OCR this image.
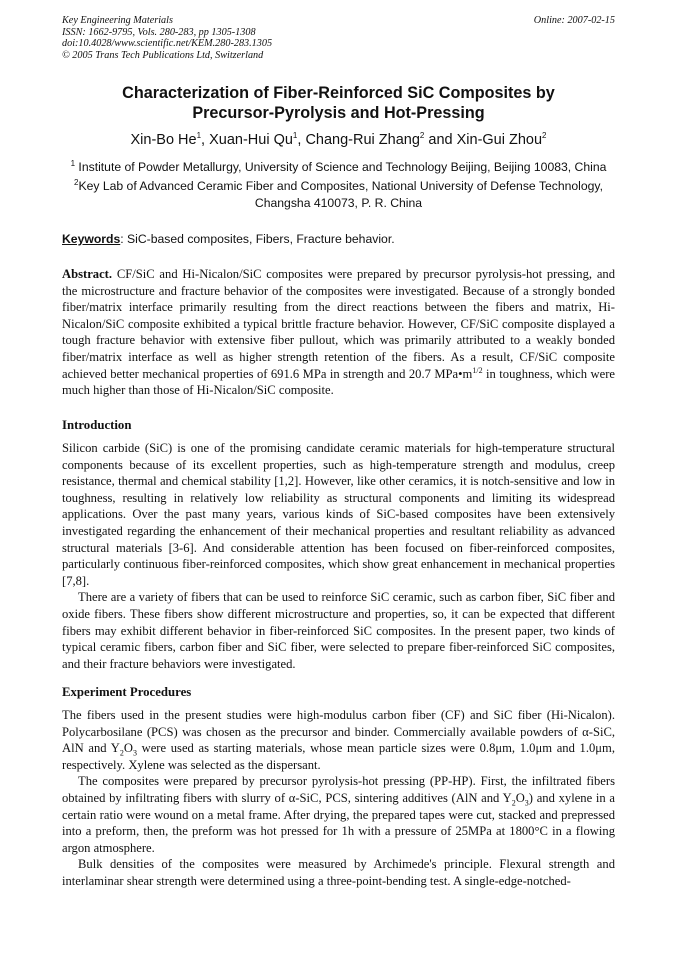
Key Engineering Materials
ISSN: 1662-9795, Vols. 280-283, pp 1305-1308
doi:10.4028/www.scientific.net/KEM.280-283.1305
© 2005 Trans Tech Publications Ltd, Switzerland
Online: 2007-02-15
Characterization of Fiber-Reinforced SiC Composites by
Precursor-Pyrolysis and Hot-Pressing
Xin-Bo He$^1$, Xuan-Hui Qu$^1$, Chang-Rui Zhang$^2$ and Xin-Gui Zhou$^2$
$^1$ Institute of Powder Metallurgy, University of Science and Technology Beijing, Beijing 10083, China
$^2$Key Lab of Advanced Ceramic Fiber and Composites, National University of Defense Technology,
Changsha 410073, P. R. China
Keywords: SiC-based composites, Fibers, Fracture behavior.

Abstract. CF/SiC and Hi-Nicalon/SiC composites were prepared by precursor pyrolysis-hot pressing, and the microstructure and fracture behavior of the composites were investigated. Because of a strongly bonded fiber/matrix interface primarily resulting from the direct reactions between the fibers and matrix, Hi-Nicalon/SiC composite exhibited a typical brittle fracture behavior. However, CF/SiC composite displayed a tough fracture behavior with extensive fiber pullout, which was primarily attributed to a weakly bonded fiber/matrix interface as well as higher strength retention of the fibers. As a result, CF/SiC composite achieved better mechanical properties of 691.6 MPa in strength and 20.7 $MPa•m^{1/2}$ in toughness, which were much higher than those of Hi-Nicalon/SiC composite.

Introduction

Silicon carbide (SiC) is one of the promising candidate ceramic materials for high-temperature structural components because of its excellent properties, such as high-temperature strength and modulus, creep resistance, thermal and chemical stability [1,2]. However, like other ceramics, it is notch-sensitive and low in toughness, resulting in relatively low reliability as structural components and limiting its widespread applications. Over the past many years, various kinds of SiC-based composites have been extensively investigated regarding the enhancement of their mechanical properties and resultant reliability as advanced structural materials [3-6]. And considerable attention has been focused on fiber-reinforced composites, particularly continuous fiber-reinforced composites, which show great enhancement in mechanical properties [7,8].

There are a variety of fibers that can be used to reinforce SiC ceramic, such as carbon fiber, SiC fiber and oxide fibers. These fibers show different microstructure and properties, so, it can be expected that different fibers may exhibit different behavior in fiber-reinforced SiC composites. In the present paper, two kinds of typical ceramic fibers, carbon fiber and SiC fiber, were selected to prepare fiber-reinforced SiC composites, and their fracture behaviors were investigated.

Experiment Procedures

The fibers used in the present studies were high-modulus carbon fiber (CF) and SiC fiber (Hi-Nicalon). Polycarbosilane (PCS) was chosen as the precursor and binder. Commercially available powders of α-SiC, AlN and $Y_2O_3$ were used as starting materials, whose mean particle sizes were 0.8μm, 1.0μm and 1.0μm, respectively. Xylene was selected as the dispersant.

The composites were prepared by precursor pyrolysis-hot pressing (PP-HP). First, the infiltrated fibers obtained by infiltrating fibers with slurry of α-SiC, PCS, sintering additives (AlN and $Y_2O_3$) and xylene in a certain ratio were wound on a metal frame. After drying, the prepared tapes were cut, stacked and prepressed into a preform, then, the preform was hot pressed for 1h with a pressure of 25MPa at 1800°C in a flowing argon atmosphere.

Bulk densities of the composites were measured by Archimede's principle. Flexural strength and interlaminar shear strength were determined using a three-point-bending test. A single-edge-notched-
